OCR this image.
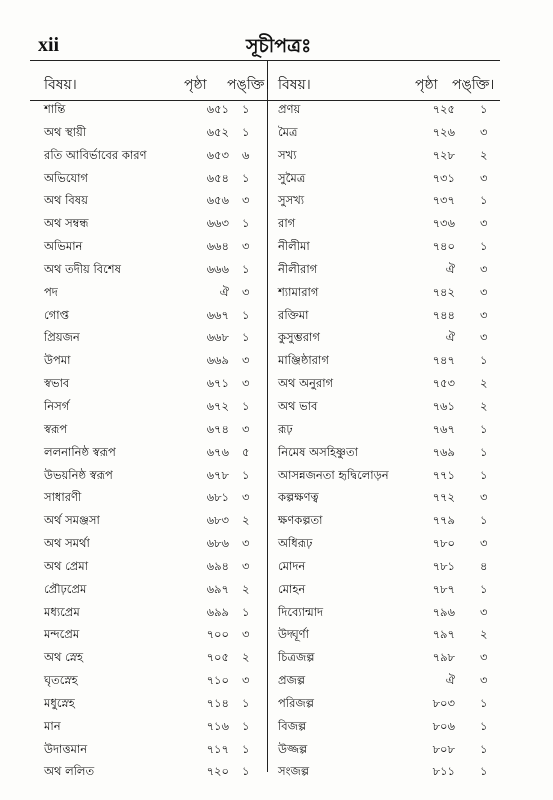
xii	সূচীপত্রঃ
বিষয়।	পৃষ্ঠা পঙ্‌ক্তি।
শান্তি	৬৫১ ১
অথ স্থায়ী	৬৫২ ১
রতি আবির্ভাবের কারণ	৬৫৩ ৬
অভিযোগ	৬৫৪ ১
অথ বিষয়	৬৫৬ ৩
অথ সম্বন্ধ	৬৬৩ ১
অভিমান	৬৬৪ ৩
অথ তদীয় বিশেষ	৬৬৬ ১
পদ	ঐ ৩
গোপ্ত	৬৬৭ ১
প্রিয়জন	৬৬৮ ১
উপমা	৬৬৯ ৩
স্বভাব	৬৭১ ৩
নিসর্গ	৬৭২ ১
স্বরূপ	৬৭৪ ৩
ললনানিষ্ঠ স্বরূপ	৬৭৬ ৫
উভয়নিষ্ঠ স্বরূপ	৬৭৮ ১
সাধারণী	৬৮১ ৩
অর্থ সমঞ্জসা	৬৮৩ ২
অথ সমর্থা	৬৮৬ ৩
অথ প্রেমা	৬৯৪ ৩
প্রৌঢ়প্রেম	৬৯৭ ২
মধ্যপ্রেম	৬৯৯ ১
মন্দপ্রেম	৭০০ ৩
অথ স্নেহ	৭০৫ ২
ঘৃতস্নেহ	৭১০ ৩
মধুস্নেহ	৭১৪ ১
মান	৭১৬ ১
উদাত্তমান	৭১৭ ১
অথ ললিত	৭২০ ১
বিষয়।	পৃষ্ঠা পঙ্‌ক্তি।
প্রণয়	৭২৫ ১
মৈত্র	৭২৬ ৩
সখ্য	৭২৮ ২
সুমৈত্র	৭৩১ ৩
সুসখ্য	৭৩৭ ১
রাগ	৭৩৬ ৩
নীলীমা	৭৪০ ১
নীলীরাগ	ঐ ৩
শ্যামারাগ	৭৪২ ৩
রক্তিমা	৭৪৪ ৩
কুসুম্ভরাগ	ঐ ৩
মাঞ্জিষ্ঠারাগ	৭৪৭ ১
অথ অনুরাগ	৭৫৩ ২
অথ ভাব	৭৬১ ২
রূঢ়	৭৬৭ ১
নিমেষ অসহিষ্ণুতা	৭৬৯ ১
আসন্নজনতা হৃদ্বিলোড়ন	৭৭১ ১
কল্পক্ষণত্ব	৭৭২ ৩
ক্ষণকল্পতা	৭৭৯ ১
অধিরূঢ়	৭৮০ ৩
মোদন	৭৮১ ৪
মোহন	৭৮৭ ১
দিব্যোন্মাদ	৭৯৬ ৩
উদ্ঘূর্ণা	৭৯৭ ২
চিত্রজল্প	৭৯৮ ৩
প্রজল্প	ঐ ৩
পরিজল্প	৮০৩ ১
বিজল্প	৮০৬ ১
উজ্জল্প	৮০৮ ১
সংজল্প	৮১১ ১
